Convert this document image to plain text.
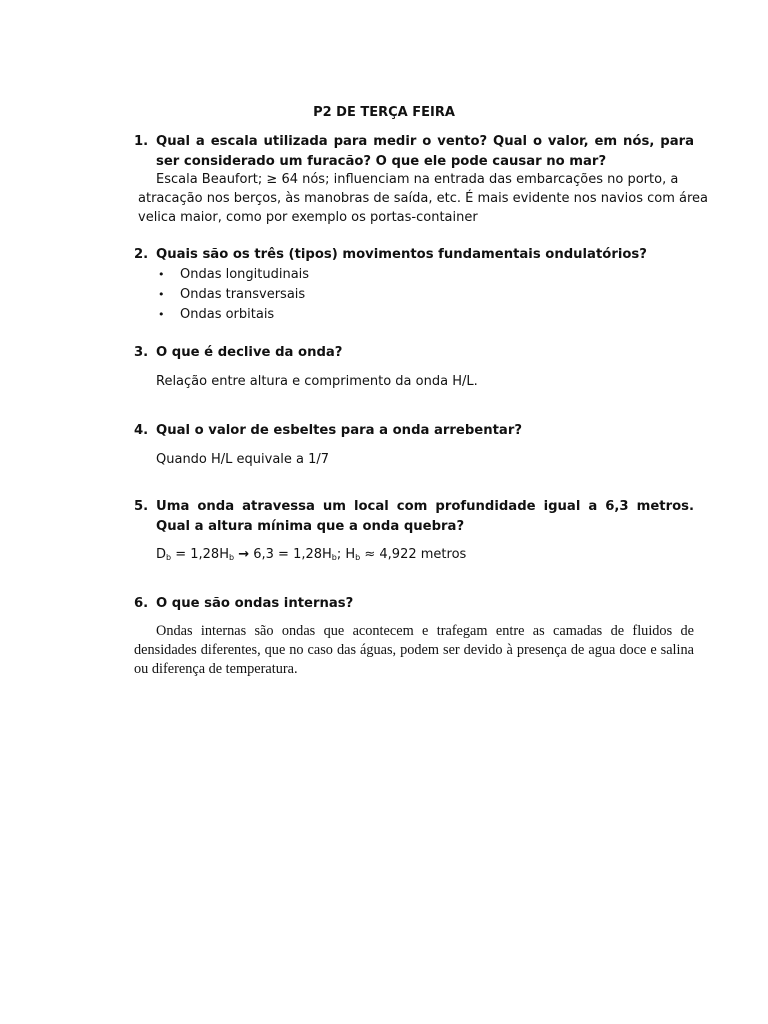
P2 DE TERÇA FEIRA
1. Qual a escala utilizada para medir o vento? Qual o valor, em nós, para ser considerado um furacão? O que ele pode causar no mar?
Escala Beaufort; ≥ 64 nós; influenciam na entrada das embarcações no porto, a
atracação nos berços, às manobras de saída, etc. É mais evidente nos navios com área
velica maior, como por exemplo os portas-container
2. Quais são os três (tipos) movimentos fundamentais ondulatórios?
• Ondas longitudinais
• Ondas transversais
• Ondas orbitais
3. O que é declive da onda?
Relação entre altura e comprimento da onda H/L.
4. Qual o valor de esbeltes para a onda arrebentar?
Quando H/L equivale a 1/7
5. Uma onda atravessa um local com profundidade igual a 6,3 metros. Qual a altura mínima que a onda quebra?
$D_b = 1,28H_b \to 6,3 = 1,28H_b$; $H_b \approx 4,922$ metros
6. O que são ondas internas?
Ondas internas são ondas que acontecem e trafegam entre as camadas de fluidos de densidades diferentes, que no caso das águas, podem ser devido à presença de agua doce e salina ou diferença de temperatura.
